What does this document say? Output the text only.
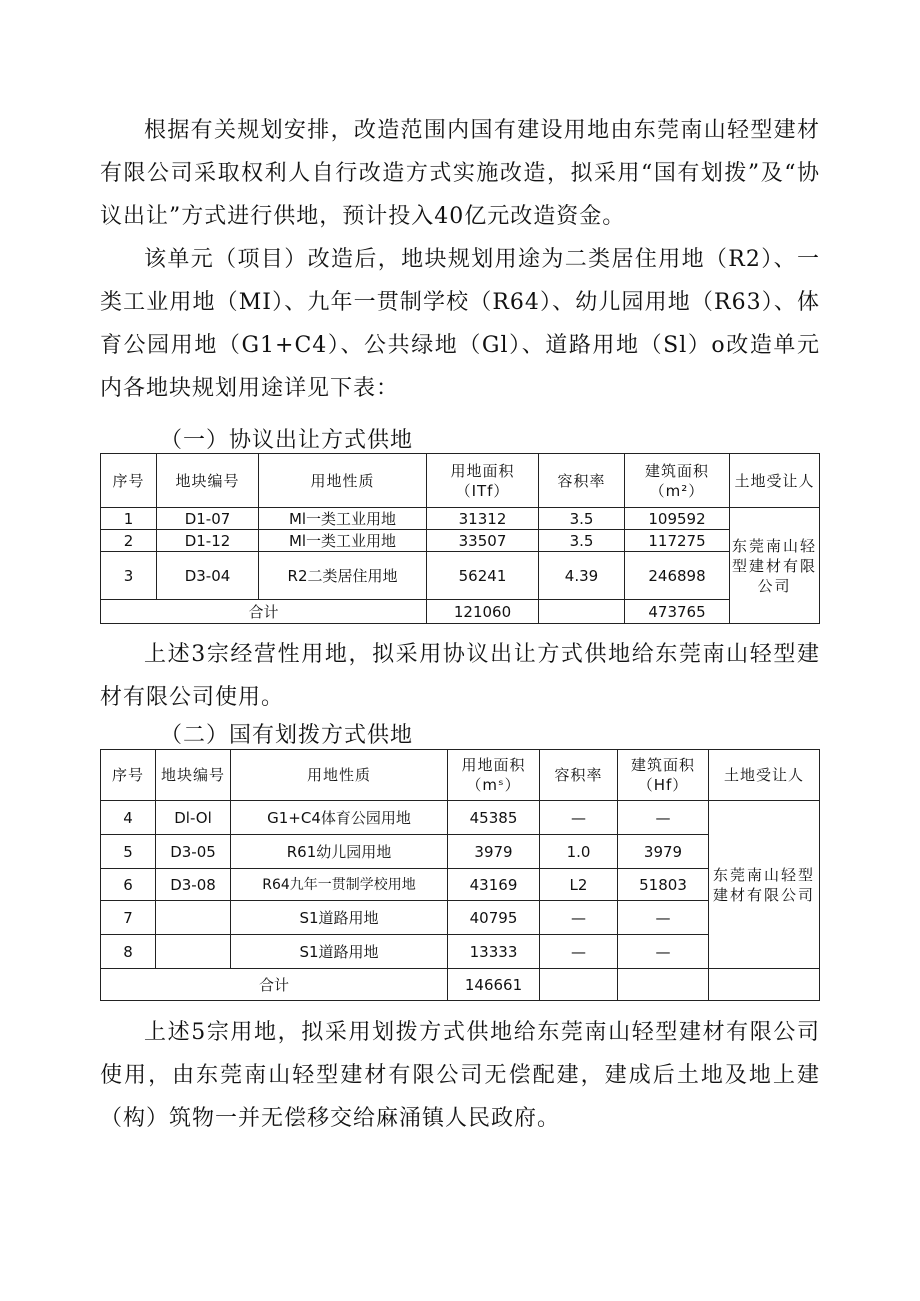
根据有关规划安排，改造范围内国有建设用地由东莞南山轻型建材有限公司采取权利人自行改造方式实施改造，拟采用“国有划拨”及“协议出让”方式进行供地，预计投入40亿元改造资金。

该单元（项目）改造后，地块规划用途为二类居住用地（R2）、一类工业用地（MI）、九年一贯制学校（R64）、幼儿园用地（R63）、体育公园用地（G1+C4）、公共绿地（Gl）、道路用地（Sl）o改造单元内各地块规划用途详见下表：

（一）协议出让方式供地

序号	地块编号	用地性质	用地面积（ITf）	容积率	建筑面积（m²）	土地受让人
1	D1-07	Ml一类工业用地	31312	3.5	109592	东莞南山轻型建材有限公司
2	D1-12	Ml一类工业用地	33507	3.5	117275	
3	D3-04	R2二类居住用地	56241	4.39	246898	
合计			121060		473765	

上述3宗经营性用地，拟采用协议出让方式供地给东莞南山轻型建材有限公司使用。

（二）国有划拨方式供地

序号	地块编号	用地性质	用地面积（mˢ）	容积率	建筑面积（Hf）	土地受让人
4	Dl-Ol	G1+C4体育公园用地	45385	—	—	东莞南山轻型建材有限公司
5	D3-05	R61幼儿园用地	3979	1.0	3979	
6	D3-08	R64九年一贯制学校用地	43169	L2	51803	
7		S1道路用地	40795	—	—	
8		S1道路用地	13333	—	—	
合计			146661			

上述5宗用地，拟采用划拨方式供地给东莞南山轻型建材有限公司使用，由东莞南山轻型建材有限公司无偿配建，建成后土地及地上建（构）筑物一并无偿移交给麻涌镇人民政府。
